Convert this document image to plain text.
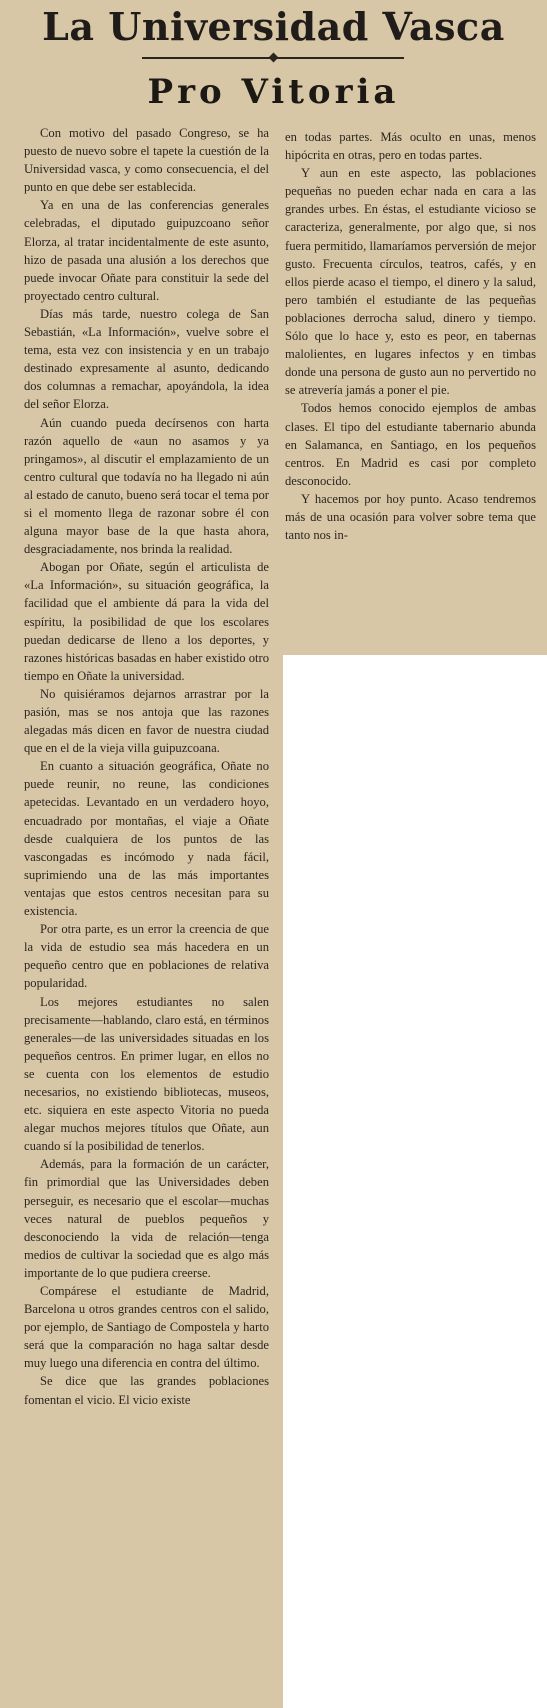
La Universidad Vasca
Pro Vitoria

Con motivo del pasado Congreso, se ha puesto de nuevo sobre el tapete la cuestión de la Universidad vasca, y como consecuencia, el del punto en que debe ser establecida.

Ya en una de las conferencias generales celebradas, el diputado guipuzcoano señor Elorza, al tratar incidentalmente de este asunto, hizo de pasada una alusión a los derechos que puede invocar Oñate para constituir la sede del proyectado centro cultural.

Días más tarde, nuestro colega de San Sebastián, «La Información», vuelve sobre el tema, esta vez con insistencia y en un trabajo destinado expresamente al asunto, dedicando dos columnas a remachar, apoyándola, la idea del señor Elorza.

Aún cuando pueda decírsenos con harta razón aquello de «aun no asamos y ya pringamos», al discutir el emplazamiento de un centro cultural que todavía no ha llegado ni aún al estado de canuto, bueno será tocar el tema por si el momento llega de razonar sobre él con alguna mayor base de la que hasta ahora, desgraciadamente, nos brinda la realidad.

Abogan por Oñate, según el articulista de «La Información», su situación geográfica, la facilidad que el ambiente dá para la vida del espíritu, la posibilidad de que los escolares puedan dedicarse de lleno a los deportes, y razones históricas basadas en haber existido otro tiempo en Oñate la universidad.

No quisiéramos dejarnos arrastrar por la pasión, mas se nos antoja que las razones alegadas más dicen en favor de nuestra ciudad que en el de la vieja villa guipuzcoana.

En cuanto a situación geográfica, Oñate no puede reunir, no reune, las condiciones apetecidas. Levantado en un verdadero hoyo, encuadrado por montañas, el viaje a Oñate desde cualquiera de los puntos de las vascongadas es incómodo y nada fácil, suprimiendo una de las más importantes ventajas que estos centros necesitan para su existencia.

Por otra parte, es un error la creencia de que la vida de estudio sea más hacedera en un pequeño centro que en poblaciones de relativa popularidad.

Los mejores estudiantes no salen precisamente—hablando, claro está, en términos generales—de las universidades situadas en los pequeños centros. En primer lugar, en ellos no se cuenta con los elementos de estudio necesarios, no existiendo bibliotecas, museos, etc. siquiera en este aspecto Vitoria no pueda alegar muchos mejores títulos que Oñate, aun cuando sí la posibilidad de tenerlos.

Además, para la formación de un carácter, fin primordial que las Universidades deben perseguir, es necesario que el escolar—muchas veces natural de pueblos pequeños y desconociendo la vida de relación—tenga medios de cultivar la sociedad que es algo más importante de lo que pudiera creerse.

Compárese el estudiante de Madrid, Barcelona u otros grandes centros con el salido, por ejemplo, de Santiago de Compostela y harto será que la comparación no haga saltar desde muy luego una diferencia en contra del último.

Se dice que las grandes poblaciones fomentan el vicio. El vicio existe

en todas partes. Más oculto en unas, menos hipócrita en otras, pero en todas partes.

Y aun en este aspecto, las poblaciones pequeñas no pueden echar nada en cara a las grandes urbes. En éstas, el estudiante vicioso se caracteriza, generalmente, por algo que, si nos fuera permitido, llamaríamos perversión de mejor gusto. Frecuenta círculos, teatros, cafés, y en ellos pierde acaso el tiempo, el dinero y la salud, pero también el estudiante de las pequeñas poblaciones derrocha salud, dinero y tiempo. Sólo que lo hace y, esto es peor, en tabernas malolientes, en lugares infectos y en timbas donde una persona de gusto aun no pervertido no se atrevería jamás a poner el pie.

Todos hemos conocido ejemplos de ambas clases. El tipo del estudiante tabernario abunda en Salamanca, en Santiago, en los pequeños centros. En Madrid es casi por completo desconocido.

Y hacemos por hoy punto. Acaso tendremos más de una ocasión para volver sobre tema que tanto nos in-
